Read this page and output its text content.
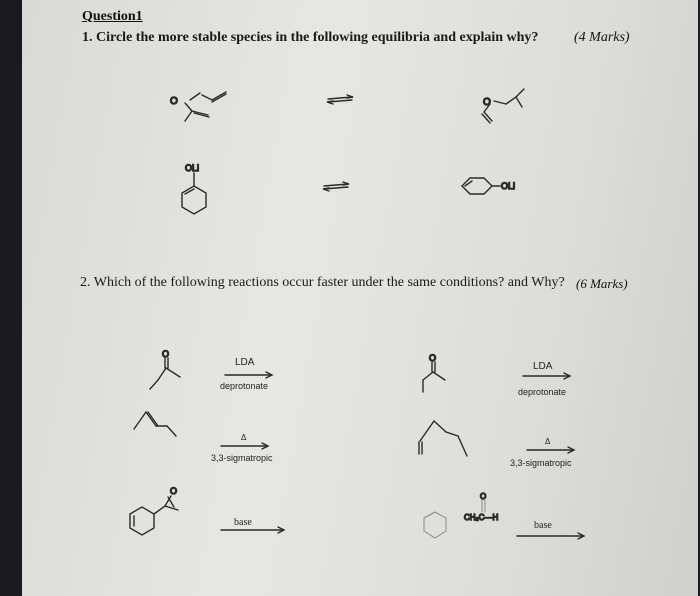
Question1
1. Circle the more stable species in the following equilibria and explain why?	(4 Marks)
2. Which of the following reactions occur faster under the same conditions? and Why? (6 Marks)
O	O
OLi
OLi
O
O
O
O
CH₂C—H
LDA
deprotonate
Δ
3,3-sigmatropic
base
LDA
deprotonate
Δ
3,3-sigmatropic
base
